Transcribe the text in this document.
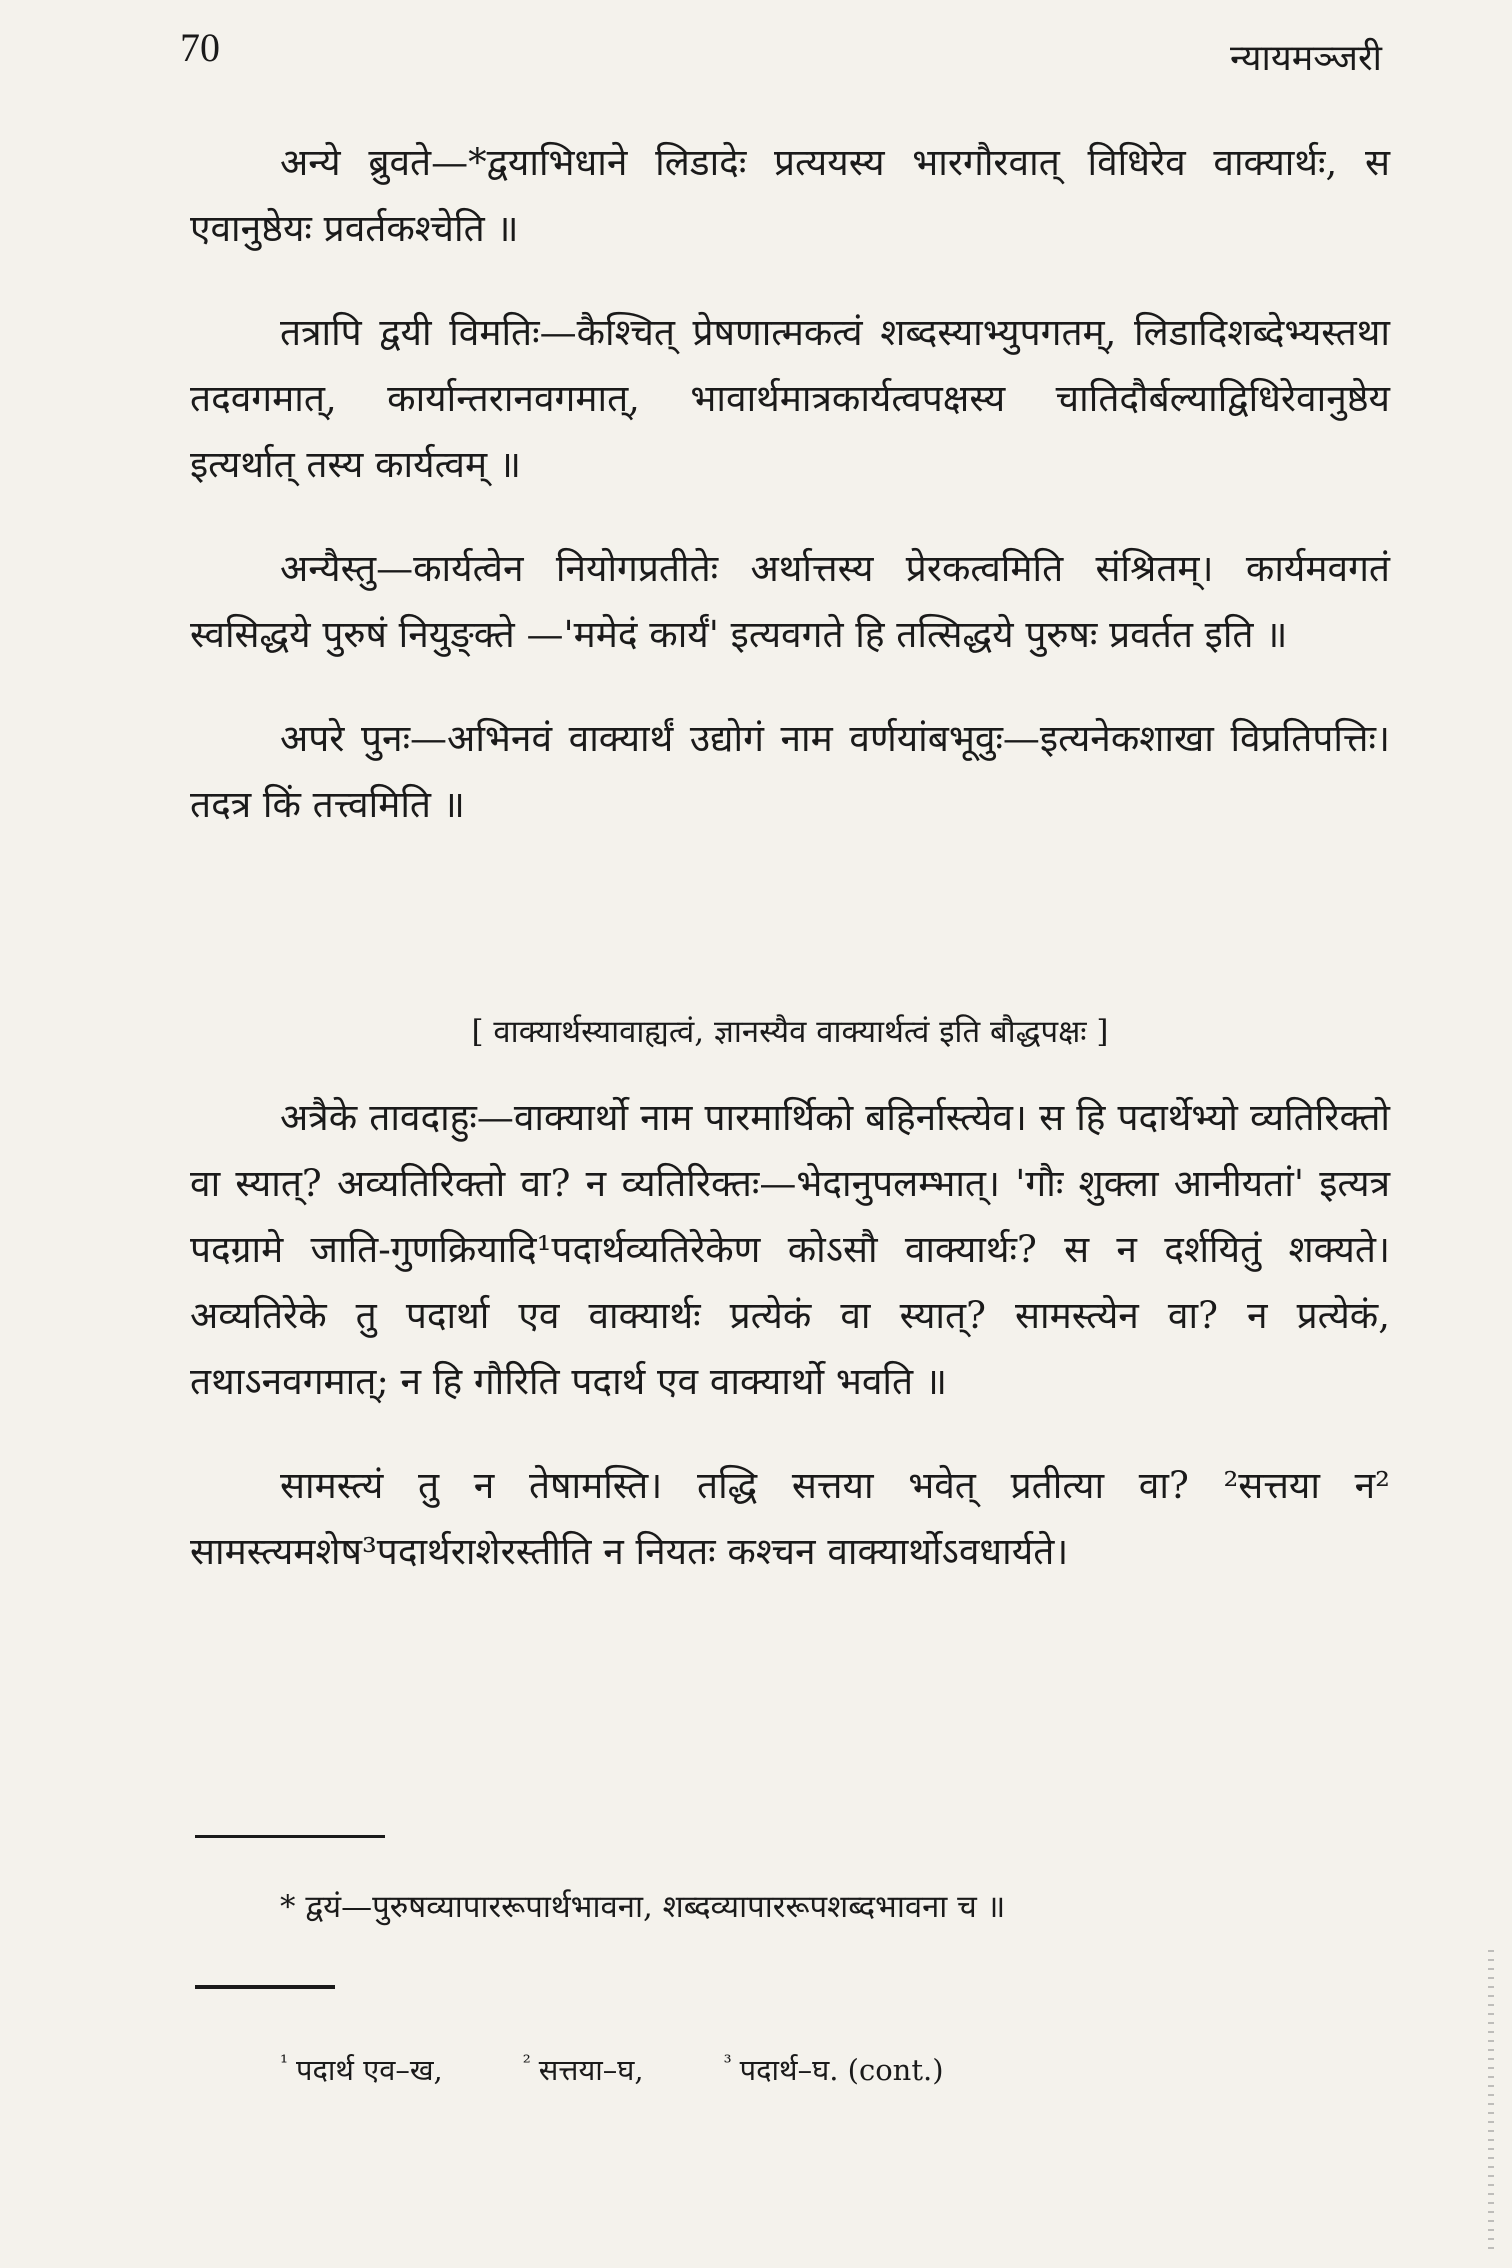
70	न्यायमञ्जरी

अन्ये ब्रुवते—*द्वयाभिधाने लिडादेः प्रत्ययस्य भारगौरवात् विधिरेव वाक्यार्थः, स एवानुष्ठेयः प्रवर्तकश्चेति ॥

तत्रापि द्वयी विमतिः—कैश्चित् प्रेषणात्मकत्वं शब्दस्याभ्युपगतम्, लिडादिशब्देभ्यस्तथा तदवगमात्, कार्यान्तरानवगमात्, भावार्थमात्रकार्यत्वपक्षस्य चातिदौर्बल्याद्विधिरेवानुष्ठेय इत्यर्थात् तस्य कार्यत्वम् ॥

अन्यैस्तु—कार्यत्वेन नियोगप्रतीतेः अर्थात्तस्य प्रेरकत्वमिति संश्रितम्। कार्यमवगतं स्वसिद्धये पुरुषं नियुङ्क्ते —'ममेदं कार्यं' इत्यवगते हि तत्सिद्धये पुरुषः प्रवर्तत इति ॥

अपरे पुनः—अभिनवं वाक्यार्थं उद्योगं नाम वर्णयांबभूवुः—इत्यनेकशाखा विप्रतिपत्तिः। तदत्र किं तत्त्वमिति ॥

[ वाक्यार्थस्यावाह्यत्वं, ज्ञानस्यैव वाक्यार्थत्वं इति बौद्धपक्षः ]

अत्रैके तावदाहुः—वाक्यार्थो नाम पारमार्थिको बहिर्नास्त्येव। स हि पदार्थेभ्यो व्यतिरिक्तो वा स्यात्? अव्यतिरिक्तो वा? न व्यतिरिक्तः—भेदानुपलम्भात्। 'गौः शुक्ला आनीयतां' इत्यत्र पदग्रामे जाति-गुणक्रियादि¹पदार्थव्यतिरेकेण कोऽसौ वाक्यार्थः? स न दर्शयितुं शक्यते। अव्यतिरेके तु पदार्था एव वाक्यार्थः प्रत्येकं वा स्यात्? सामस्त्येन वा? न प्रत्येकं, तथाऽनवगमात्; न हि गौरिति पदार्थ एव वाक्यार्थो भवति ॥

सामस्त्यं तु न तेषामस्ति। तद्धि सत्तया भवेत् प्रतीत्या वा? ²सत्तया न² सामस्त्यमशेष³पदार्थराशेरस्तीति न नियतः कश्चन वाक्यार्थोऽवधार्यते।

* द्वयं—पुरुषव्यापाररूपार्थभावना, शब्दव्यापाररूपशब्दभावना च ॥
$^{^1}$ पदार्थ एव–ख,	$^{^2}$ सत्तया–घ,	$^{^3}$ पदार्थ–घ. (cont.)
